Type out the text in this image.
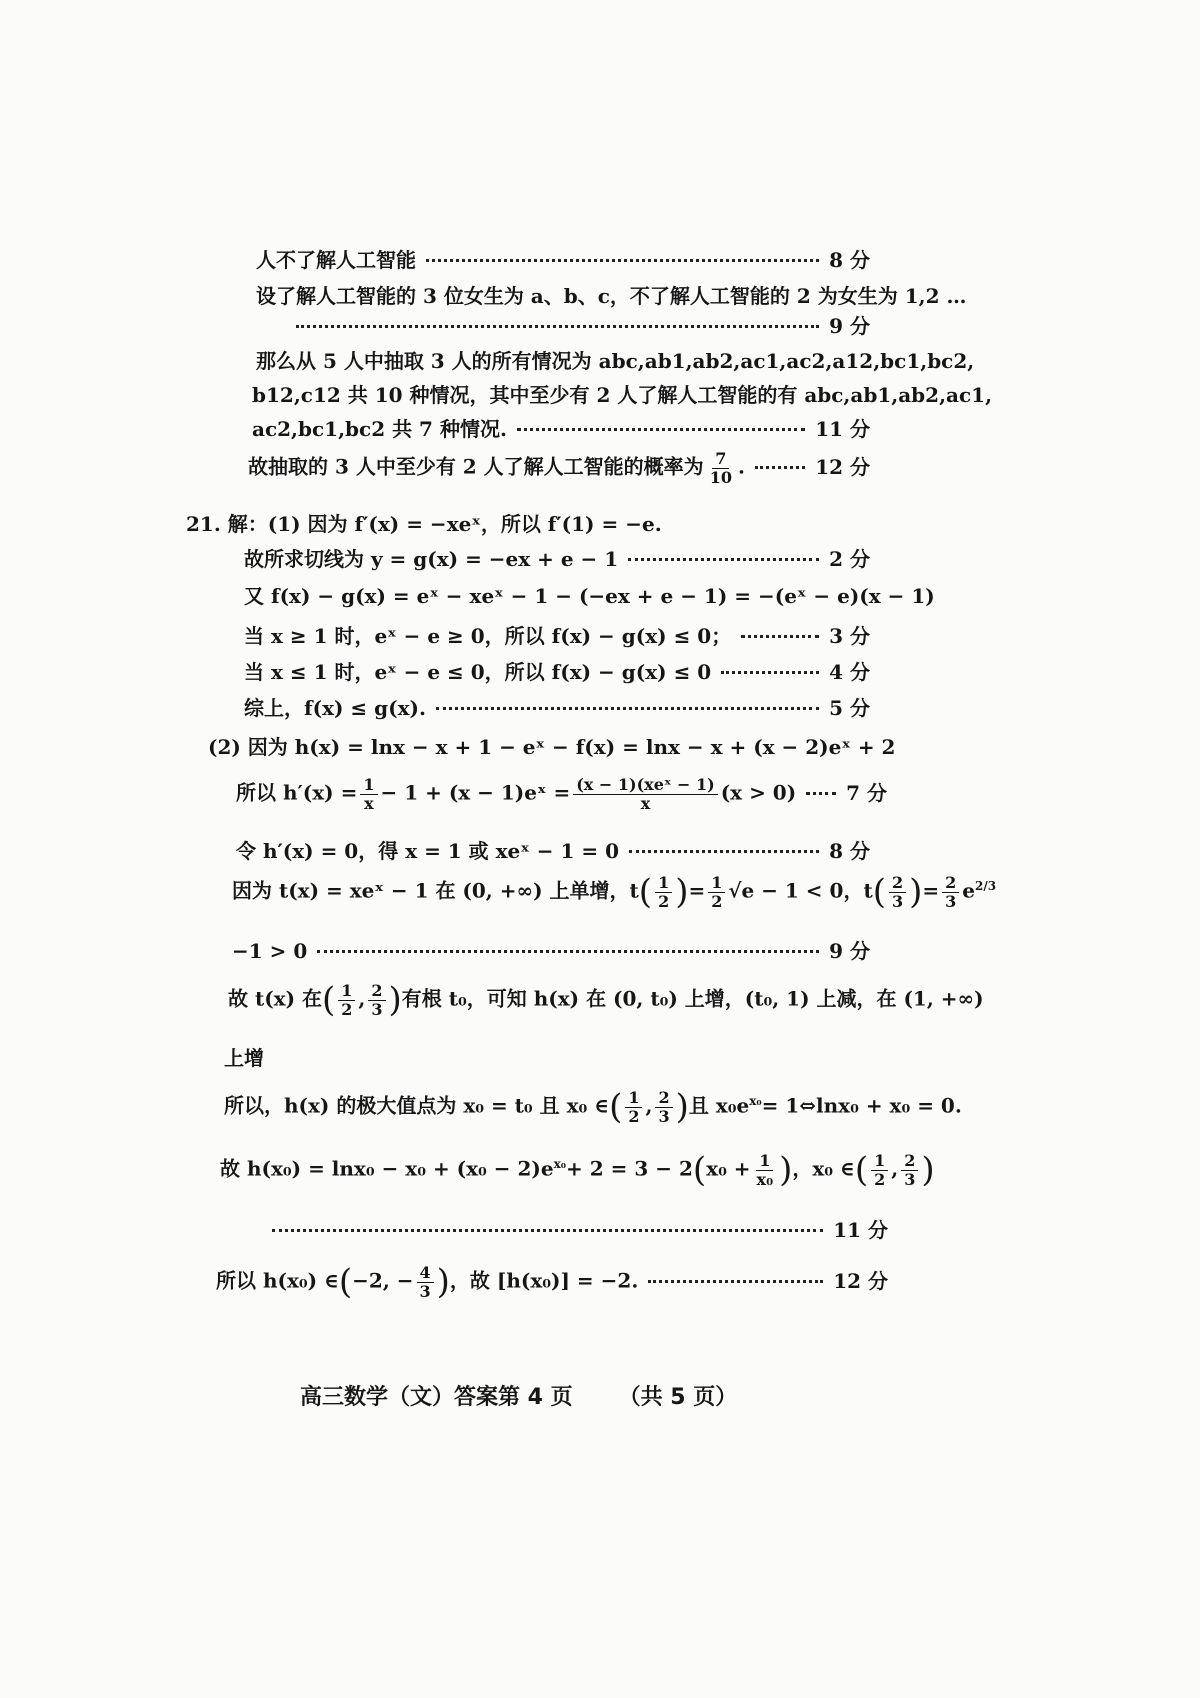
人不了解人工智能	8 分
设了解人工智能的 3 位女生为 a、b、c，不了解人工智能的 2 为女生为 1,2 …
9 分
那么从 5 人中抽取 3 人的所有情况为 abc,ab1,ab2,ac1,ac2,a12,bc1,bc2,
b12,c12 共 10 种情况，其中至少有 2 人了解人工智能的有 abc,ab1,ab2,ac1,
ac2,bc1,bc2 共 7 种情况.	11 分
故抽取的 3 人中至少有 2 人了解人工智能的概率为 $\frac{7}{10}$ .	12 分
21. 解：(1) 因为 f′(x) = −xeˣ，所以 f′(1) = −e.
故所求切线为 y = g(x) = −ex + e − 1	2 分
又 f(x) − g(x) = eˣ − xeˣ − 1 − (−ex + e − 1) = −(eˣ − e)(x − 1)
当 x ≥ 1 时，eˣ − e ≥ 0，所以 f(x) − g(x) ≤ 0；	3 分
当 x ≤ 1 时，eˣ − e ≤ 0，所以 f(x) − g(x) ≤ 0	4 分
综上，f(x) ≤ g(x).	5 分
(2) 因为 h(x) = lnx − x + 1 − eˣ − f(x) = lnx − x + (x − 2)eˣ + 2
所以 $h'(x) = \frac{1}{x} - 1 + (x$ − 1)eˣ = $\frac{\text{(x − 1)(xeˣ − 1)}}{x} (x > 0)$	7 分
令 h′(x) = 0，得 x = 1 或 xeˣ − 1 = 0	8 分
因为 t(x) = xeˣ − 1 在 (0, +∞) 上单增，$t( \frac{1}{2}$ )= $\frac{1}{2} √e - 1 < 0$，$t( \frac{2}{3}$ )= $\frac{2}{3} e^{2/3}$
−1 > 0	9 分
故 t(x) 在( $\frac{1}{2}$ , $\frac{2}{3}$ )有根 t₀，可知 h(x) 在 (0, t₀) 上增，(t₀, 1) 上减，在 (1, +∞)
上增
所以，h(x) 的极大值点为 x₀ = t₀ 且 x₀ ∈( $\frac{1}{2}$ , $\frac{2}{3}$ )且 $x_0e^{x_0}=$ 1⇔lnx₀ + x₀ = 0.
故 $h(x_0) = \ln x_0 - x_0 + (x_0 - 2)e^{x_0}+ 2 = 3 - 2(x_0 + \frac{1}{\text{x₀}}$ )，x₀ ∈( $\frac{1}{2}$ , $\frac{2}{3}$ )
11 分
所以 h(x₀) ∈(−2, − $\frac{4}{3}$ )，故 [h(x₀)] = −2.	12 分
高三数学（文）答案第 4 页 （共 5 页）
